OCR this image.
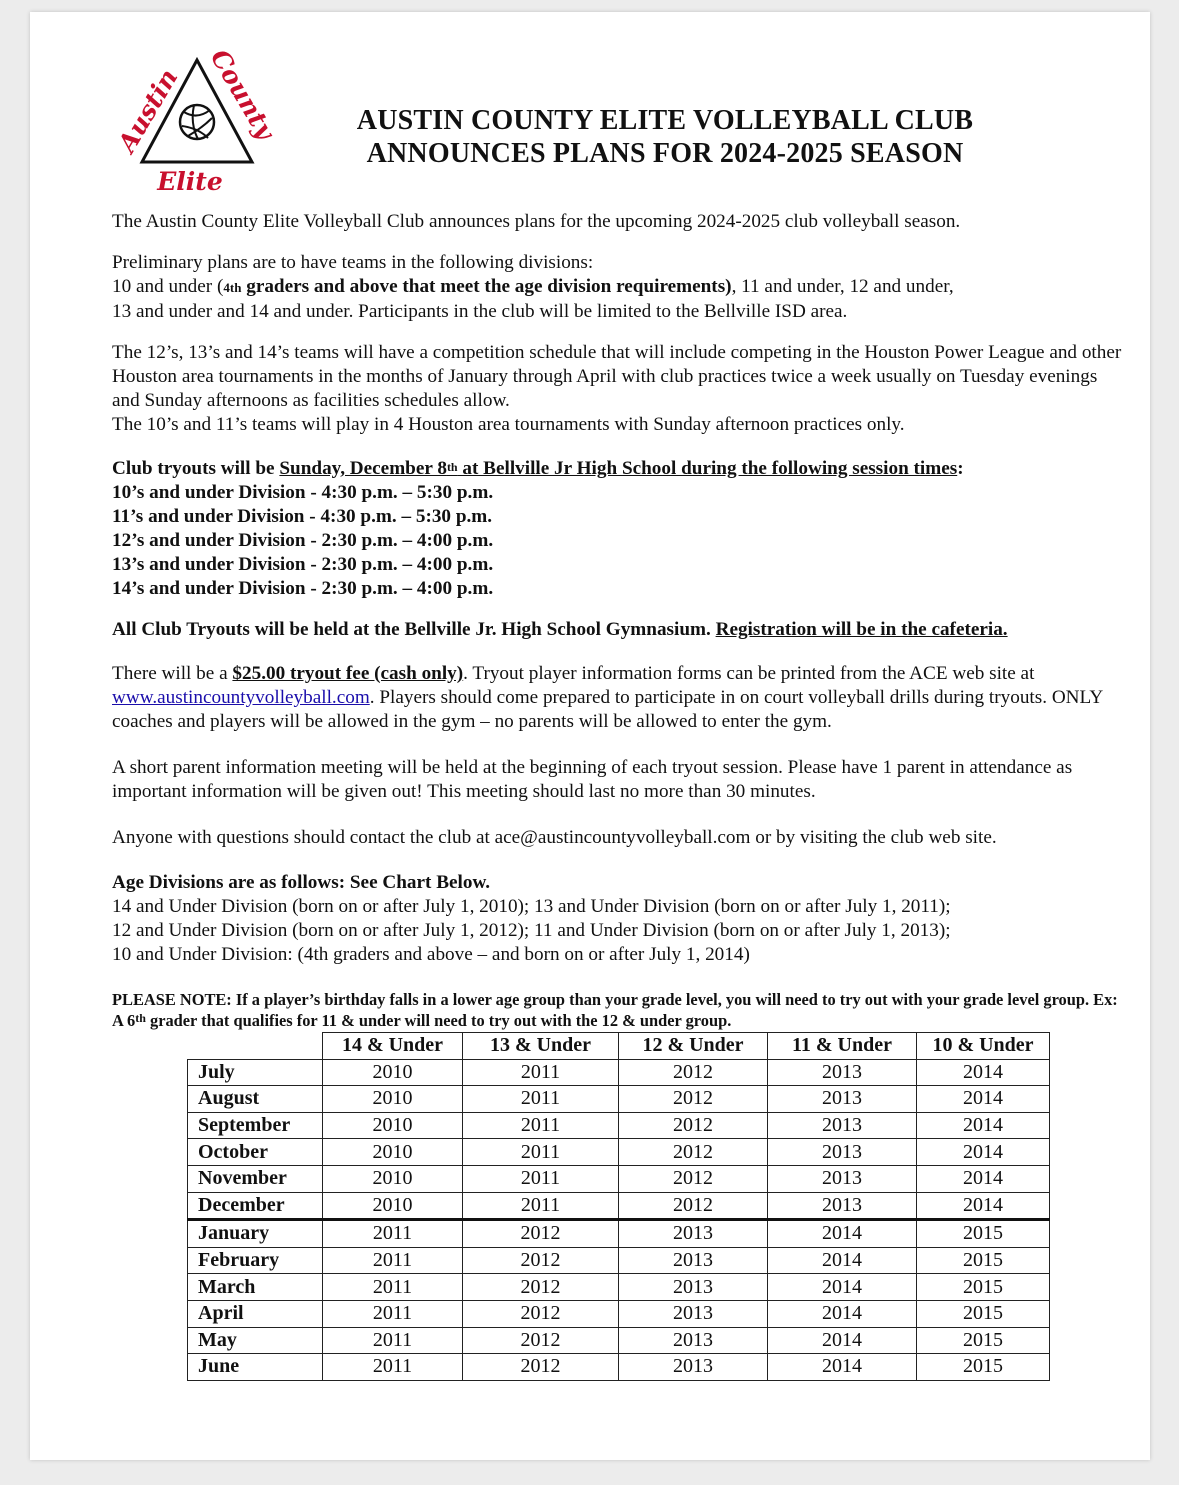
Austin
County
Elite
AUSTIN COUNTY ELITE VOLLEYBALL CLUB
ANNOUNCES PLANS FOR 2024-2025 SEASON

The Austin County Elite Volleyball Club announces plans for the upcoming 2024-2025 club volleyball season.

Preliminary plans are to have teams in the following divisions:
10 and under (4th graders and above that meet the age division requirements), 11 and under, 12 and under,
13 and under and 14 and under. Participants in the club will be limited to the Bellville ISD area.

The 12’s, 13’s and 14’s teams will have a competition schedule that will include competing in the Houston Power League and other Houston area tournaments in the months of January through April with club practices twice a week usually on Tuesday evenings and Sunday afternoons as facilities schedules allow.

The 10’s and 11’s teams will play in 4 Houston area tournaments with Sunday afternoon practices only.

Club tryouts will be Sunday, December 8th at Bellville Jr High School during the following session times:

10’s and under Division - 4:30 p.m. – 5:30 p.m.
11’s and under Division - 4:30 p.m. – 5:30 p.m.
12’s and under Division - 2:30 p.m. – 4:00 p.m.
13’s and under Division - 2:30 p.m. – 4:00 p.m.
14’s and under Division - 2:30 p.m. – 4:00 p.m.

All Club Tryouts will be held at the Bellville Jr. High School Gymnasium. Registration will be in the cafeteria.

There will be a $25.00 tryout fee (cash only). Tryout player information forms can be printed from the ACE web site at www.austincountyvolleyball.com. Players should come prepared to participate in on court volleyball drills during tryouts. ONLY coaches and players will be allowed in the gym – no parents will be allowed to enter the gym.

A short parent information meeting will be held at the beginning of each tryout session. Please have 1 parent in attendance as important information will be given out! This meeting should last no more than 30 minutes.

Anyone with questions should contact the club at ace@austincountyvolleyball.com or by visiting the club web site.

Age Divisions are as follows: See Chart Below.
14 and Under Division (born on or after July 1, 2010); 13 and Under Division (born on or after July 1, 2011);
12 and Under Division (born on or after July 1, 2012); 11 and Under Division (born on or after July 1, 2013);
10 and Under Division: (4th graders and above – and born on or after July 1, 2014)

PLEASE NOTE: If a player’s birthday falls in a lower age group than your grade level, you will need to try out with your grade level group. Ex: A 6th grader that qualifies for 11 & under will need to try out with the 12 & under group.

	14 & Under	13 & Under	12 & Under	11 & Under	10 & Under
July	2010	2011	2012	2013	2014
August	2010	2011	2012	2013	2014
September	2010	2011	2012	2013	2014
October	2010	2011	2012	2013	2014
November	2010	2011	2012	2013	2014
December	2010	2011	2012	2013	2014
January	2011	2012	2013	2014	2015
February	2011	2012	2013	2014	2015
March	2011	2012	2013	2014	2015
April	2011	2012	2013	2014	2015
May	2011	2012	2013	2014	2015
June	2011	2012	2013	2014	2015
